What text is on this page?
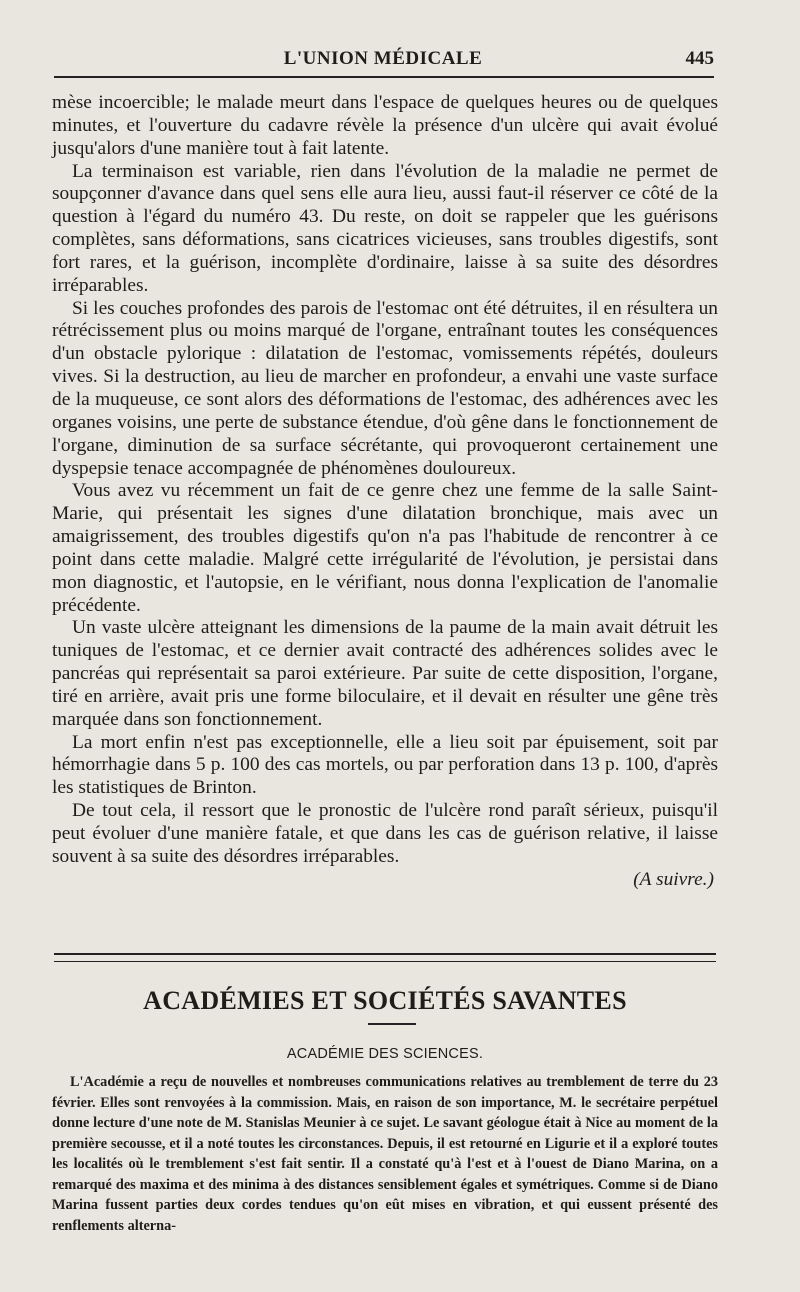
L'UNION MÉDICALE	445

mèse incoercible; le malade meurt dans l'espace de quelques heures ou de quelques minutes, et l'ouverture du cadavre révèle la présence d'un ulcère qui avait évolué jusqu'alors d'une manière tout à fait latente.

La terminaison est variable, rien dans l'évolution de la maladie ne permet de soupçonner d'avance dans quel sens elle aura lieu, aussi faut-il réserver ce côté de la question à l'égard du numéro 43. Du reste, on doit se rappeler que les guérisons complètes, sans déformations, sans cicatrices vicieuses, sans troubles digestifs, sont fort rares, et la guérison, incomplète d'ordinaire, laisse à sa suite des désordres irréparables.

Si les couches profondes des parois de l'estomac ont été détruites, il en résultera un rétrécissement plus ou moins marqué de l'organe, entraînant toutes les conséquences d'un obstacle pylorique : dilatation de l'estomac, vomissements répétés, douleurs vives. Si la destruction, au lieu de marcher en profondeur, a envahi une vaste surface de la muqueuse, ce sont alors des déformations de l'estomac, des adhérences avec les organes voisins, une perte de substance étendue, d'où gêne dans le fonctionnement de l'organe, diminution de sa surface sécrétante, qui provoqueront certainement une dyspepsie tenace accompagnée de phénomènes douloureux.

Vous avez vu récemment un fait de ce genre chez une femme de la salle Saint-Marie, qui présentait les signes d'une dilatation bronchique, mais avec un amaigrissement, des troubles digestifs qu'on n'a pas l'habitude de rencontrer à ce point dans cette maladie. Malgré cette irrégularité de l'évolution, je persistai dans mon diagnostic, et l'autopsie, en le vérifiant, nous donna l'explication de l'anomalie précédente.

Un vaste ulcère atteignant les dimensions de la paume de la main avait détruit les tuniques de l'estomac, et ce dernier avait contracté des adhérences solides avec le pancréas qui représentait sa paroi extérieure. Par suite de cette disposition, l'organe, tiré en arrière, avait pris une forme biloculaire, et il devait en résulter une gêne très marquée dans son fonctionnement.

La mort enfin n'est pas exceptionnelle, elle a lieu soit par épuisement, soit par hémorrhagie dans 5 p. 100 des cas mortels, ou par perforation dans 13 p. 100, d'après les statistiques de Brinton.

De tout cela, il ressort que le pronostic de l'ulcère rond paraît sérieux, puisqu'il peut évoluer d'une manière fatale, et que dans les cas de guérison relative, il laisse souvent à sa suite des désordres irréparables.

(A suivre.)

ACADÉMIES ET SOCIÉTÉS SAVANTES
ACADÉMIE DES SCIENCES.

L'Académie a reçu de nouvelles et nombreuses communications relatives au tremblement de terre du 23 février. Elles sont renvoyées à la commission. Mais, en raison de son importance, M. le secrétaire perpétuel donne lecture d'une note de M. Stanislas Meunier à ce sujet. Le savant géologue était à Nice au moment de la première secousse, et il a noté toutes les circonstances. Depuis, il est retourné en Ligurie et il a exploré toutes les localités où le tremblement s'est fait sentir. Il a constaté qu'à l'est et à l'ouest de Diano Marina, on a remarqué des maxima et des minima à des distances sensiblement égales et symétriques. Comme si de Diano Marina fussent parties deux cordes tendues qu'on eût mises en vibration, et qui eussent présenté des renflements alterna-
